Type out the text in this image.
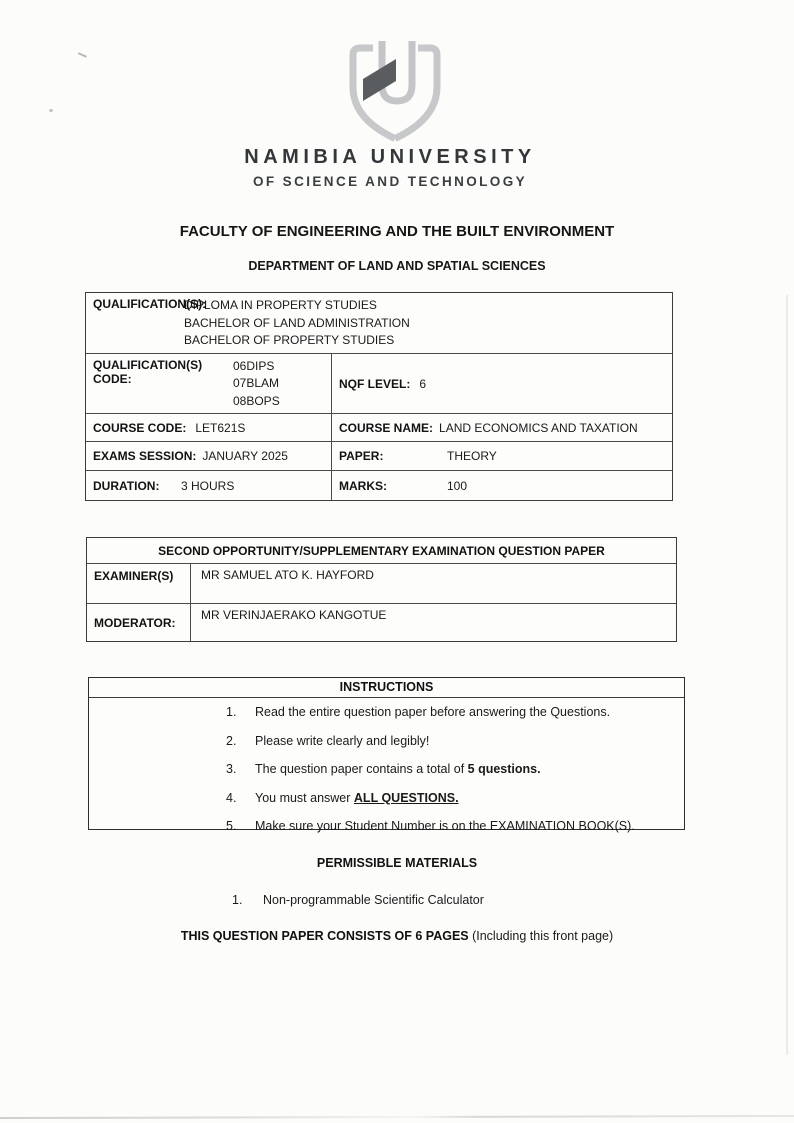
NAMIBIA UNIVERSITY
OF SCIENCE AND TECHNOLOGY
FACULTY OF ENGINEERING AND THE BUILT ENVIRONMENT
DEPARTMENT OF LAND AND SPATIAL SCIENCES
QUALIFICATION(S):
DIPLOMA IN PROPERTY STUDIES
BACHELOR OF LAND ADMINISTRATION
BACHELOR OF PROPERTY STUDIES
QUALIFICATION(S) CODE:
06DIPS
07BLAM
08BOPS
NQF LEVEL: 6
COURSE CODE: LET621S	COURSE NAME: LAND ECONOMICS AND TAXATION
EXAMS SESSION: JANUARY 2025	PAPER:	THEORY
DURATION:	3 HOURS	MARKS:	100
SECOND OPPORTUNITY/SUPPLEMENTARY EXAMINATION QUESTION PAPER
EXAMINER(S)	MR SAMUEL ATO K. HAYFORD
MODERATOR:
MR VERINJAERAKO KANGOTUE
INSTRUCTIONS
1.	Read the entire question paper before answering the Questions.
2.	Please write clearly and legibly!
3.	The question paper contains a total of 5 questions.
4.	You must answer ALL QUESTIONS.
5.	Make sure your Student Number is on the EXAMINATION BOOK(S).
PERMISSIBLE MATERIALS
1.	Non-programmable Scientific Calculator
THIS QUESTION PAPER CONSISTS OF 6 PAGES (Including this front page)
